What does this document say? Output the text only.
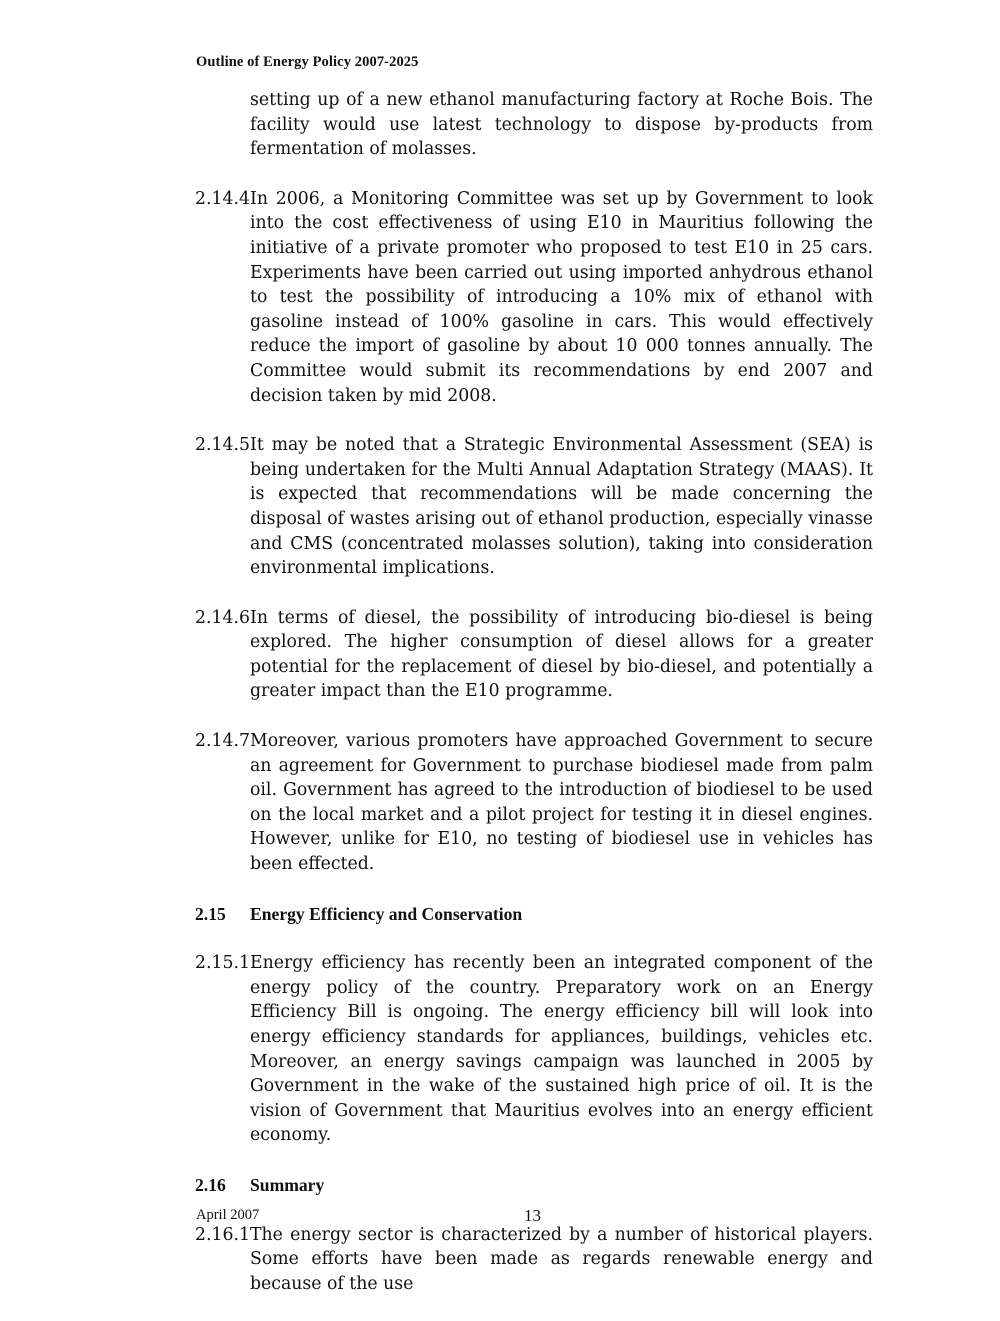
Outline of Energy Policy 2007-2025
setting up of a new ethanol manufacturing factory at Roche Bois. The facility would use latest technology to dispose by-products from fermentation of molasses.
2.14.4 In 2006, a Monitoring Committee was set up by Government to look into the cost effectiveness of using E10 in Mauritius following the initiative of a private promoter who proposed to test E10 in 25 cars. Experiments have been carried out using imported anhydrous ethanol to test the possibility of introducing a 10% mix of ethanol with gasoline instead of 100% gasoline in cars. This would effectively reduce the import of gasoline by about 10 000 tonnes annually. The Committee would submit its recommendations by end 2007 and decision taken by mid 2008.
2.14.5 It may be noted that a Strategic Environmental Assessment (SEA) is being undertaken for the Multi Annual Adaptation Strategy (MAAS). It is expected that recommendations will be made concerning the disposal of wastes arising out of ethanol production, especially vinasse and CMS (concentrated molasses solution), taking into consideration environmental implications.
2.14.6 In terms of diesel, the possibility of introducing bio-diesel is being explored. The higher consumption of diesel allows for a greater potential for the replacement of diesel by bio-diesel, and potentially a greater impact than the E10 programme.
2.14.7 Moreover, various promoters have approached Government to secure an agreement for Government to purchase biodiesel made from palm oil. Government has agreed to the introduction of biodiesel to be used on the local market and a pilot project for testing it in diesel engines. However, unlike for E10, no testing of biodiesel use in vehicles has been effected.
2.15	Energy Efficiency and Conservation
2.15.1 Energy efficiency has recently been an integrated component of the energy policy of the country. Preparatory work on an Energy Efficiency Bill is ongoing. The energy efficiency bill will look into energy efficiency standards for appliances, buildings, vehicles etc. Moreover, an energy savings campaign was launched in 2005 by Government in the wake of the sustained high price of oil. It is the vision of Government that Mauritius evolves into an energy efficient economy.
2.16	Summary
2.16.1 The energy sector is characterized by a number of historical players. Some efforts have been made as regards renewable energy and because of the use
April 2007	13
